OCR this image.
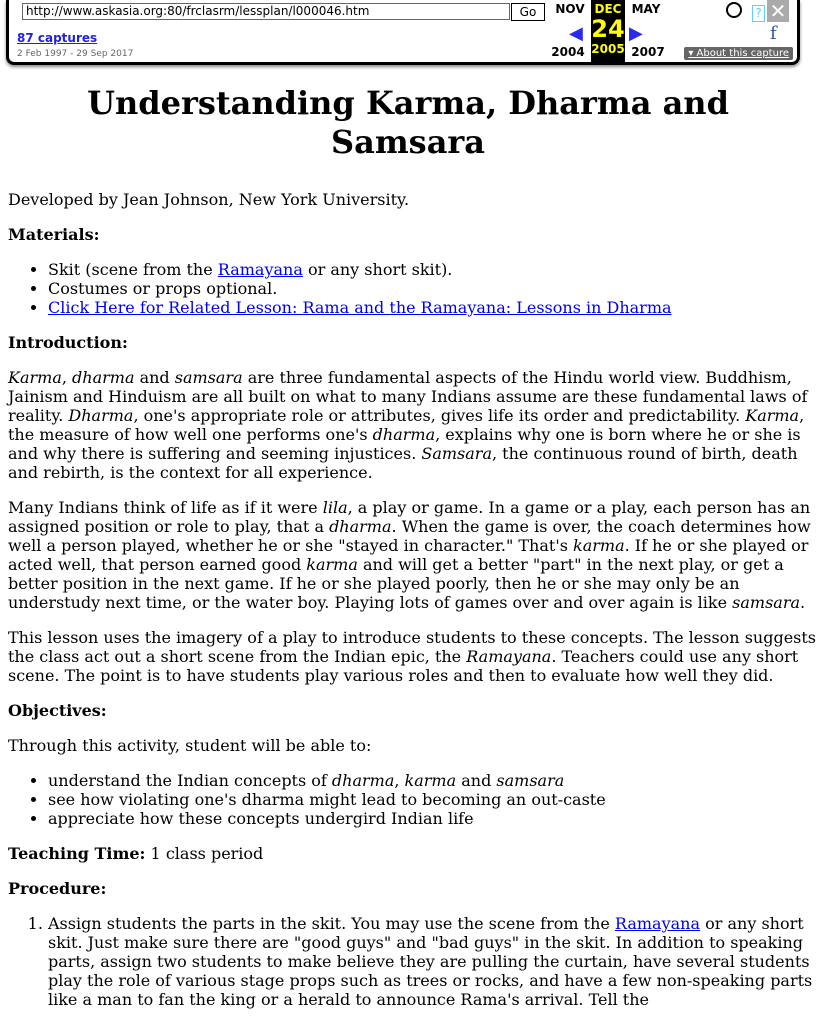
http://www.askasia.org:80/frclasrm/lessplan/l000046.htm	Go
87 captures
2 Feb 1997 - 29 Sep 2017
NOV	MAY
2004	2007
◀	▶
DEC
24
2005
? ✕
f
▾ About this capture
Understanding Karma, Dharma and Samsara

Developed by Jean Johnson, New York University.

Materials:

• Skit (scene from the Ramayana or any short skit).
• Costumes or props optional.
• Click Here for Related Lesson: Rama and the Ramayana: Lessons in Dharma

Introduction:

Karma, dharma and samsara are three fundamental aspects of the Hindu world view. Buddhism, Jainism and Hinduism are all built on what to many Indians assume are these fundamental laws of reality. Dharma, one's appropriate role or attributes, gives life its order and predictability. Karma, the measure of how well one performs one's dharma, explains why one is born where he or she is and why there is suffering and seeming injustices. Samsara, the continuous round of birth, death and rebirth, is the context for all experience.

Many Indians think of life as if it were lila, a play or game. In a game or a play, each person has an assigned position or role to play, that a dharma. When the game is over, the coach determines how well a person played, whether he or she "stayed in character." That's karma. If he or she played or acted well, that person earned good karma and will get a better "part" in the next play, or get a better position in the next game. If he or she played poorly, then he or she may only be an understudy next time, or the water boy. Playing lots of games over and over again is like samsara.

This lesson uses the imagery of a play to introduce students to these concepts. The lesson suggests the class act out a short scene from the Indian epic, the Ramayana. Teachers could use any short scene. The point is to have students play various roles and then to evaluate how well they did.

Objectives:

Through this activity, student will be able to:

• understand the Indian concepts of dharma, karma and samsara
• see how violating one's dharma might lead to becoming an out-caste
• appreciate how these concepts undergird Indian life

Teaching Time: 1 class period

Procedure:

1. Assign students the parts in the skit. You may use the scene from the Ramayana or any short skit. Just make sure there are "good guys" and "bad guys" in the skit. In addition to speaking parts, assign two students to make believe they are pulling the curtain, have several students play the role of various stage props such as trees or rocks, and have a few non-speaking parts like a man to fan the king or a herald to announce Rama's arrival. Tell the
